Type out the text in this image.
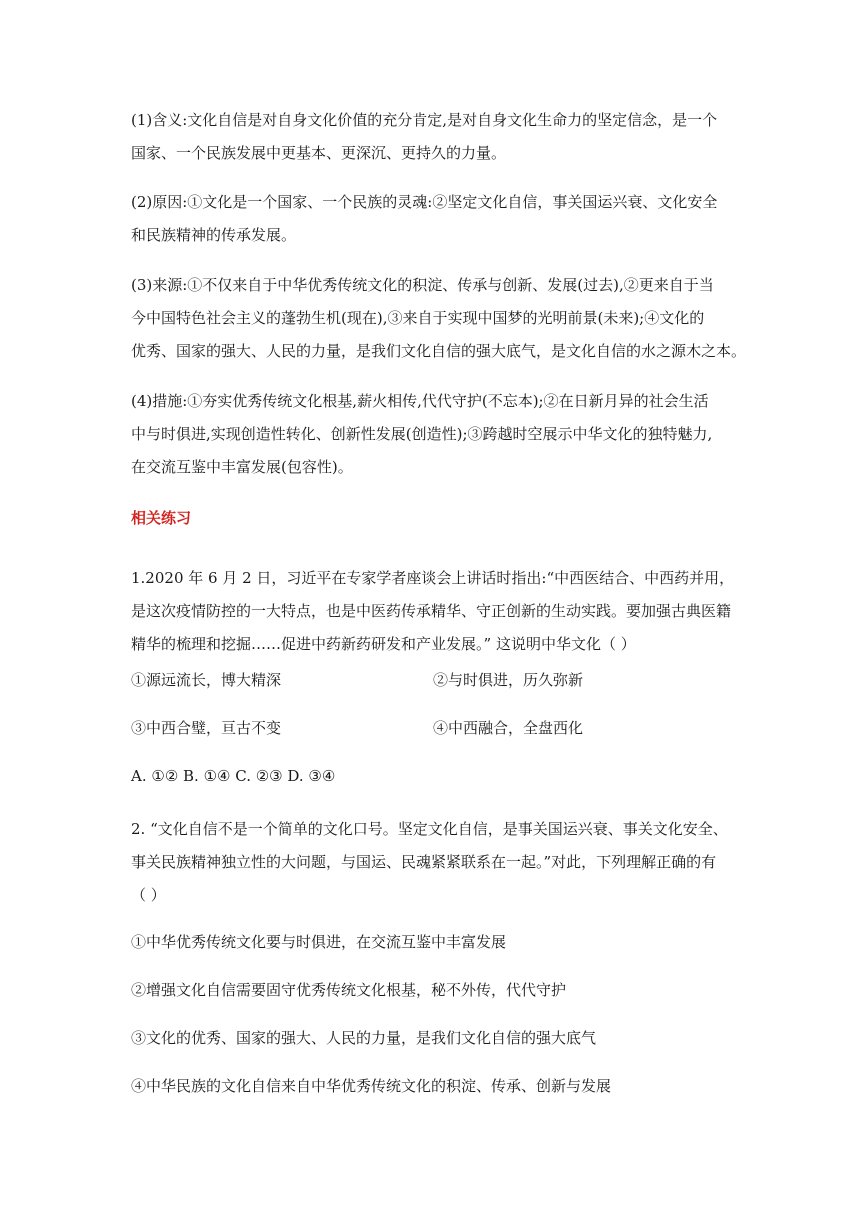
(1)含义:文化自信是对自身文化价值的充分肯定,是对自身文化生命力的坚定信念，是一个
国家、一个民族发展中更基本、更深沉、更持久的力量。
(2)原因:①文化是一个国家、一个民族的灵魂:②坚定文化自信，事关国运兴衰、文化安全
和民族精神的传承发展。
(3)来源:①不仅来自于中华优秀传统文化的积淀、传承与创新、发展(过去),②更来自于当
今中国特色社会主义的蓬勃生机(现在),③来自于实现中国梦的光明前景(未来);④文化的
优秀、国家的强大、人民的力量，是我们文化自信的强大底气，是文化自信的水之源木之本。
(4)措施:①夯实优秀传统文化根基,薪火相传,代代守护(不忘本);②在日新月异的社会生活
中与时俱进,实现创造性转化、创新性发展(创造性);③跨越时空展示中华文化的独特魅力,
在交流互鉴中丰富发展(包容性)。
相关练习
1.2020 年 6 月 2 日，习近平在专家学者座谈会上讲话时指出:“中西医结合、中西药并用，
是这次疫情防控的一大特点，也是中医药传承精华、守正创新的生动实践。要加强古典医籍
精华的梳理和挖掘……促进中药新药研发和产业发展。” 这说明中华文化（ ）

①源远流长，博大精深	②与时俱进，历久弥新

③中西合璧，亘古不变	④中西融合，全盘西化

A. ①② B. ①④ C. ②③ D. ③④

2. “文化自信不是一个简单的文化口号。坚定文化自信，是事关国运兴衰、事关文化安全、
事关民族精神独立性的大问题，与国运、民魂紧紧联系在一起。”对此，下列理解正确的有
（ ）

①中华优秀传统文化要与时俱进，在交流互鉴中丰富发展

②增强文化自信需要固守优秀传统文化根基，秘不外传，代代守护

③文化的优秀、国家的强大、人民的力量，是我们文化自信的强大底气

④中华民族的文化自信来自中华优秀传统文化的积淀、传承、创新与发展
